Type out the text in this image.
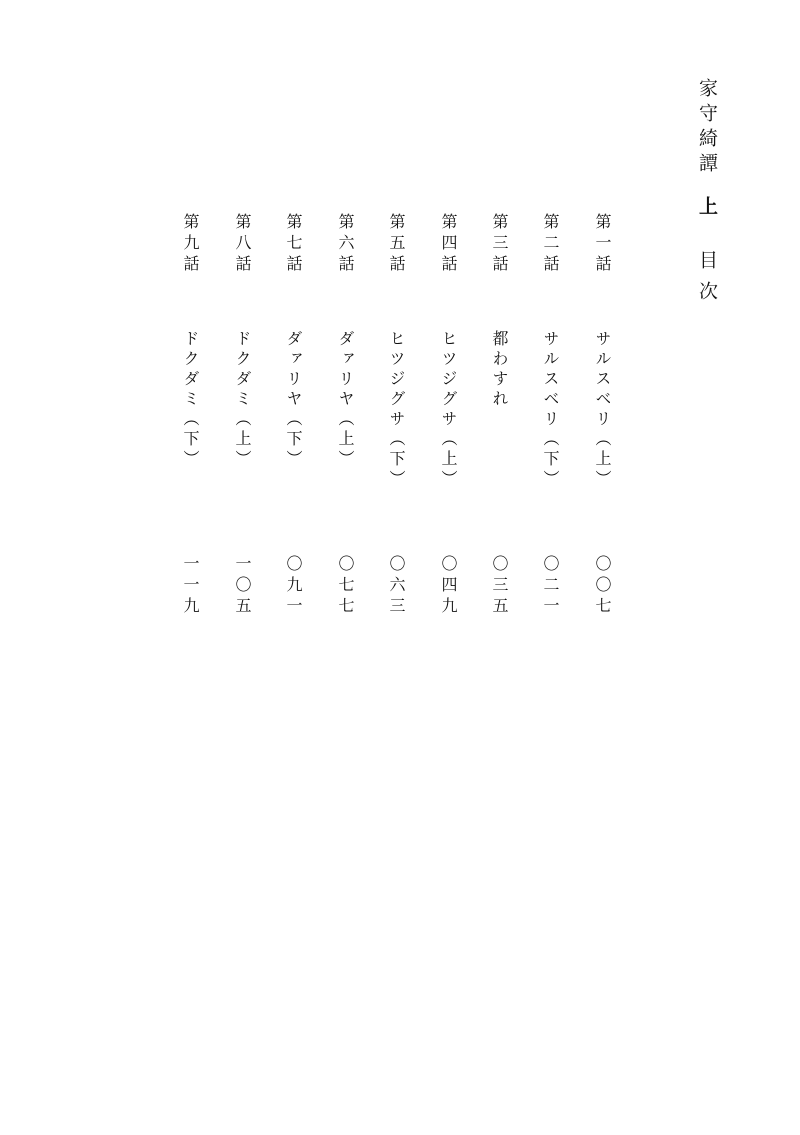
家守綺譚上
目次
第一話
サルスベリ（上）
〇〇七
第二話
サルスベリ（下）
〇二一
第三話
都わすれ
〇三五
第四話
ヒツジグサ（上）
〇四九
第五話
ヒツジグサ（下）
〇六三
第六話
ダァリヤ（上）
〇七七
第七話
ダァリヤ（下）
〇九一
第八話
ドクダミ（上）
一〇五
第九話
ドクダミ（下）
一一九
